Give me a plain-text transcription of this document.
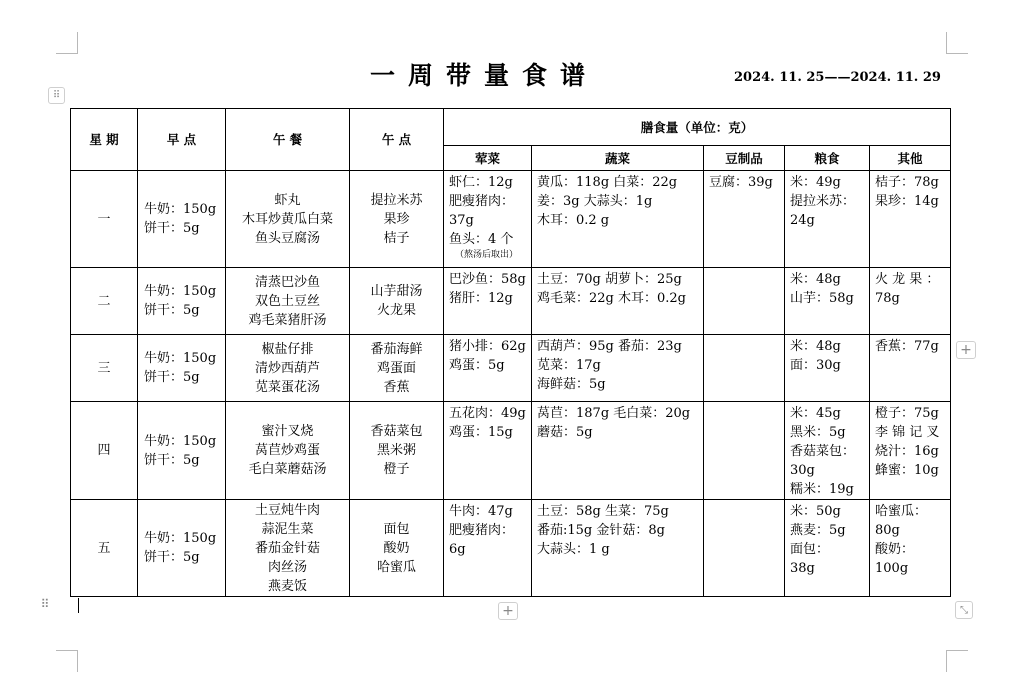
一周带量食谱	2024. 11. 25——2024. 11. 29
⠿
星 期	早 点	午 餐	午 点	膳食量（单位：克）				
				荤菜	蔬菜	豆制品	粮食	其他
一	牛奶：150g
饼干：5g	虾丸
木耳炒黄瓜白菜
鱼头豆腐汤	提拉米苏
果珍
桔子	虾仁：12g
肥瘦猪肉：
37g
鱼头：4 个
（熬汤后取出）	黄瓜：118g 白菜：22g
姜：3g 大蒜头：1g
木耳：0.2 g	豆腐：39g	米：49g
提拉米苏：
24g	桔子：78g
果珍：14g

二	牛奶：150g
饼干：5g	清蒸巴沙鱼
双色土豆丝
鸡毛菜猪肝汤	山芋甜汤
火龙果	巴沙鱼：58g
猪肝：12g	土豆：70g 胡萝卜：25g
鸡毛菜：22g 木耳：0.2g		米：48g
山芋：58g	火 龙 果 ：
78g

三	牛奶：150g
饼干：5g	椒盐仔排
清炒西葫芦
苋菜蛋花汤	番茄海鲜
鸡蛋面
香蕉	猪小排：62g
鸡蛋：5g	西葫芦：95g 番茄：23g
苋菜：17g
海鲜菇：5g		米：48g
面：30g	香蕉：77g

四	牛奶：150g
饼干：5g	蜜汁叉烧
莴苣炒鸡蛋
毛白菜蘑菇汤	香菇菜包
黑米粥
橙子	五花肉：49g
鸡蛋：15g	莴苣：187g 毛白菜：20g
蘑菇：5g		米：45g
黑米：5g
香菇菜包：
30g
糯米：19g	橙子：75g
李 锦 记 叉
烧汁：16g
蜂蜜：10g

五	牛奶：150g
饼干：5g	土豆炖牛肉
蒜泥生菜
番茄金针菇
肉丝汤
燕麦饭	面包
酸奶
哈蜜瓜	牛肉：47g
肥瘦猪肉：
6g	土豆：58g 生菜：75g
番茄:15g 金针菇：8g
大蒜头：1 g		米：50g
燕麦：5g
面包：
38g	哈蜜瓜：
80g
酸奶：
100g
+
+	⤡
⠿
